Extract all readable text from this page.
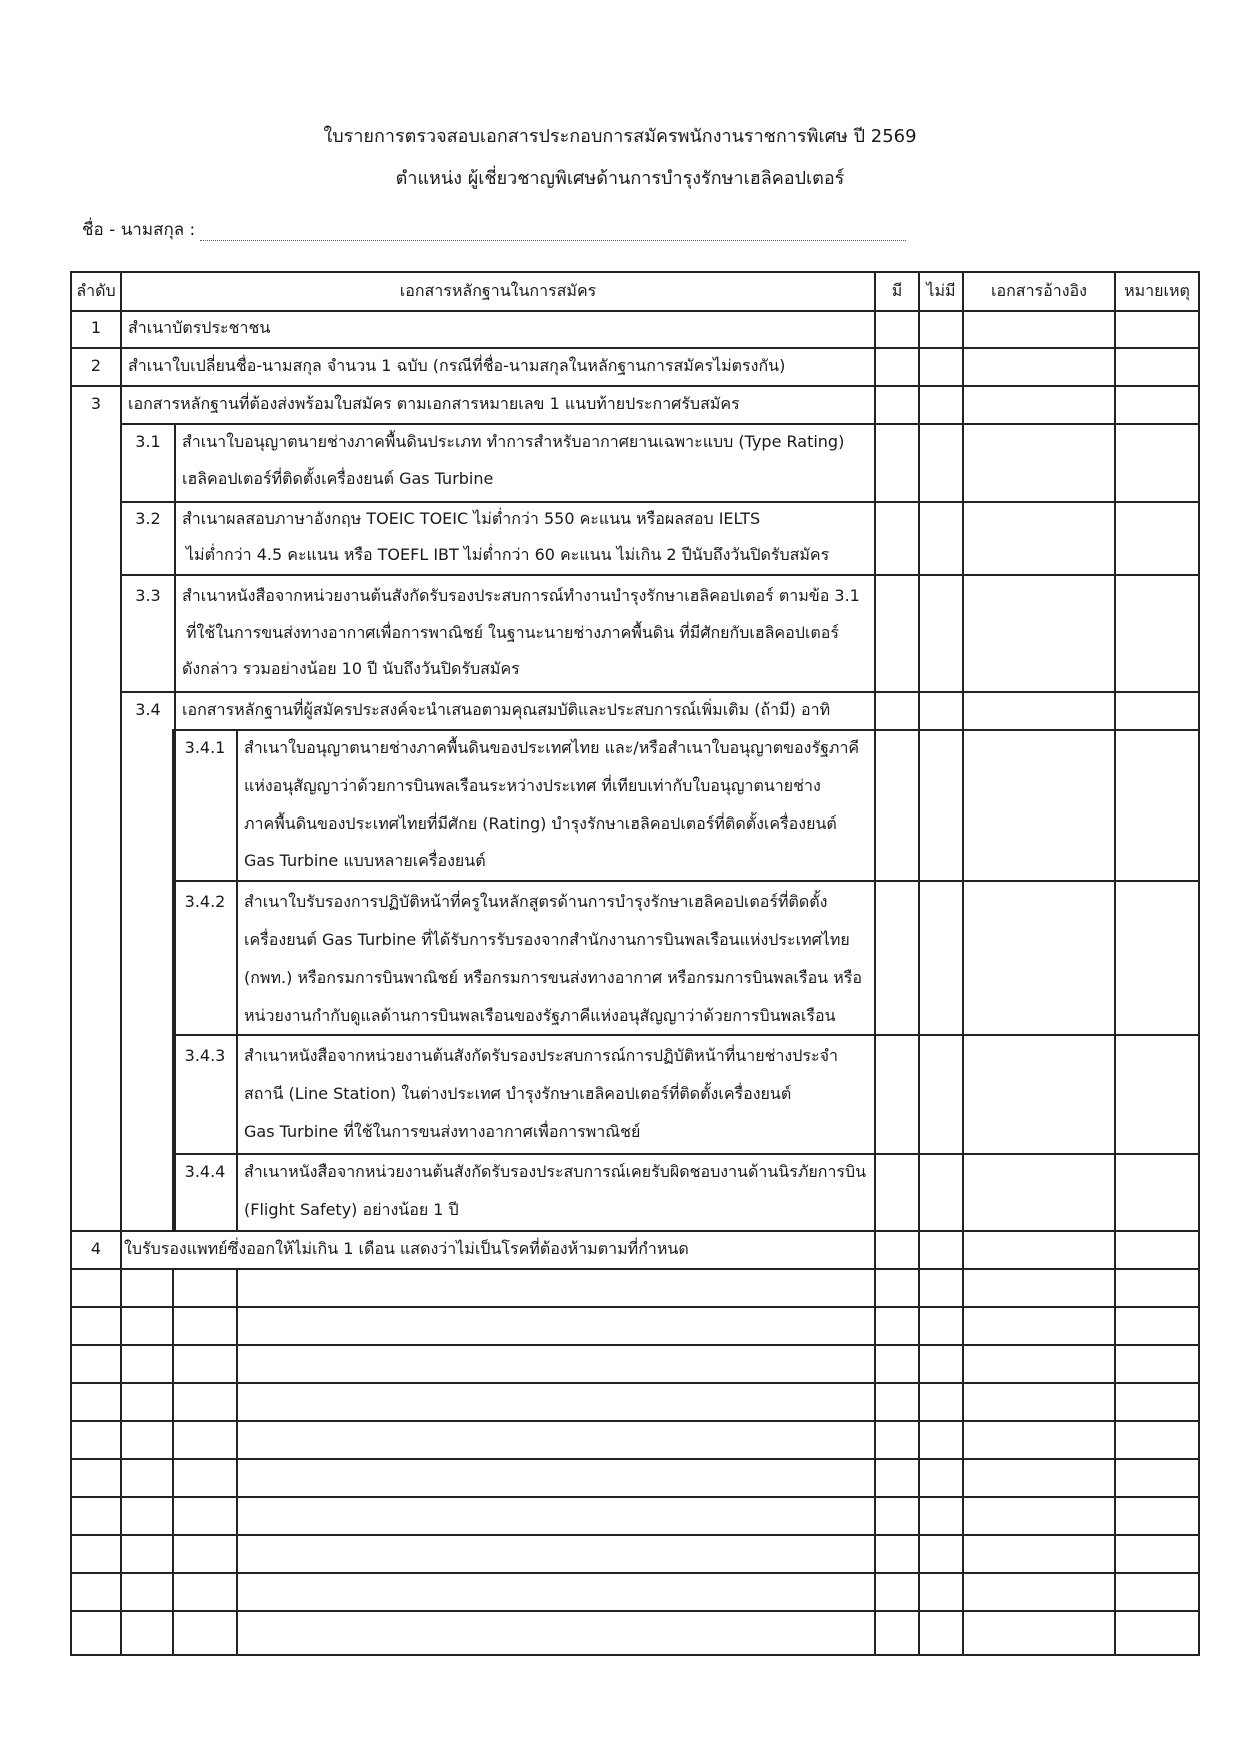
ใบรายการตรวจสอบเอกสารประกอบการสมัครพนักงานราชการพิเศษ ปี 2569
ตำแหน่ง ผู้เชี่ยวชาญพิเศษด้านการบำรุงรักษาเฮลิคอปเตอร์
ชื่อ - นามสกุล :
ลำดับ	เอกสารหลักฐานในการสมัคร	มี	ไม่มี	เอกสารอ้างอิง	หมายเหตุ
1	สำเนาบัตรประชาชน
2	สำเนาใบเปลี่ยนชื่อ-นามสกุล จำนวน 1 ฉบับ (กรณีที่ชื่อ-นามสกุลในหลักฐานการสมัครไม่ตรงกัน)
3	เอกสารหลักฐานที่ต้องส่งพร้อมใบสมัคร ตามเอกสารหมายเลข 1 แนบท้ายประกาศรับสมัคร
3.1	สำเนาใบอนุญาตนายช่างภาคพื้นดินประเภท ทำการสำหรับอากาศยานเฉพาะแบบ (Type Rating)
เฮลิคอปเตอร์ที่ติดตั้งเครื่องยนต์ Gas Turbine
3.2	สำเนาผลสอบภาษาอังกฤษ TOEIC TOEIC ไม่ต่ำกว่า 550 คะแนน หรือผลสอบ IELTS
ไม่ต่ำกว่า 4.5 คะแนน หรือ TOEFL IBT ไม่ต่ำกว่า 60 คะแนน ไม่เกิน 2 ปีนับถึงวันปิดรับสมัคร
3.3	สำเนาหนังสือจากหน่วยงานต้นสังกัดรับรองประสบการณ์ทำงานบำรุงรักษาเฮลิคอปเตอร์ ตามข้อ 3.1
ที่ใช้ในการขนส่งทางอากาศเพื่อการพาณิชย์ ในฐานะนายช่างภาคพื้นดิน ที่มีศักยกับเฮลิคอปเตอร์
ดังกล่าว รวมอย่างน้อย 10 ปี นับถึงวันปิดรับสมัคร
3.4	เอกสารหลักฐานที่ผู้สมัครประสงค์จะนำเสนอตามคุณสมบัติและประสบการณ์เพิ่มเติม (ถ้ามี) อาทิ
3.4.1	สำเนาใบอนุญาตนายช่างภาคพื้นดินของประเทศไทย และ/หรือสำเนาใบอนุญาตของรัฐภาคี
แห่งอนุสัญญาว่าด้วยการบินพลเรือนระหว่างประเทศ ที่เทียบเท่ากับใบอนุญาตนายช่าง
ภาคพื้นดินของประเทศไทยที่มีศักย (Rating) บำรุงรักษาเฮลิคอปเตอร์ที่ติดตั้งเครื่องยนต์
Gas Turbine แบบหลายเครื่องยนต์
3.4.2	สำเนาใบรับรองการปฏิบัติหน้าที่ครูในหลักสูตรด้านการบำรุงรักษาเฮลิคอปเตอร์ที่ติดตั้ง
เครื่องยนต์ Gas Turbine ที่ได้รับการรับรองจากสำนักงานการบินพลเรือนแห่งประเทศไทย
(กพท.) หรือกรมการบินพาณิชย์ หรือกรมการขนส่งทางอากาศ หรือกรมการบินพลเรือน หรือ
หน่วยงานกำกับดูแลด้านการบินพลเรือนของรัฐภาคีแห่งอนุสัญญาว่าด้วยการบินพลเรือน
3.4.3	สำเนาหนังสือจากหน่วยงานต้นสังกัดรับรองประสบการณ์การปฏิบัติหน้าที่นายช่างประจำ
สถานี (Line Station) ในต่างประเทศ บำรุงรักษาเฮลิคอปเตอร์ที่ติดตั้งเครื่องยนต์
Gas Turbine ที่ใช้ในการขนส่งทางอากาศเพื่อการพาณิชย์
3.4.4	สำเนาหนังสือจากหน่วยงานต้นสังกัดรับรองประสบการณ์เคยรับผิดชอบงานด้านนิรภัยการบิน
(Flight Safety) อย่างน้อย 1 ปี
4	ใบรับรองแพทย์ซึ่งออกให้ไม่เกิน 1 เดือน แสดงว่าไม่เป็นโรคที่ต้องห้ามตามที่กำหนด
